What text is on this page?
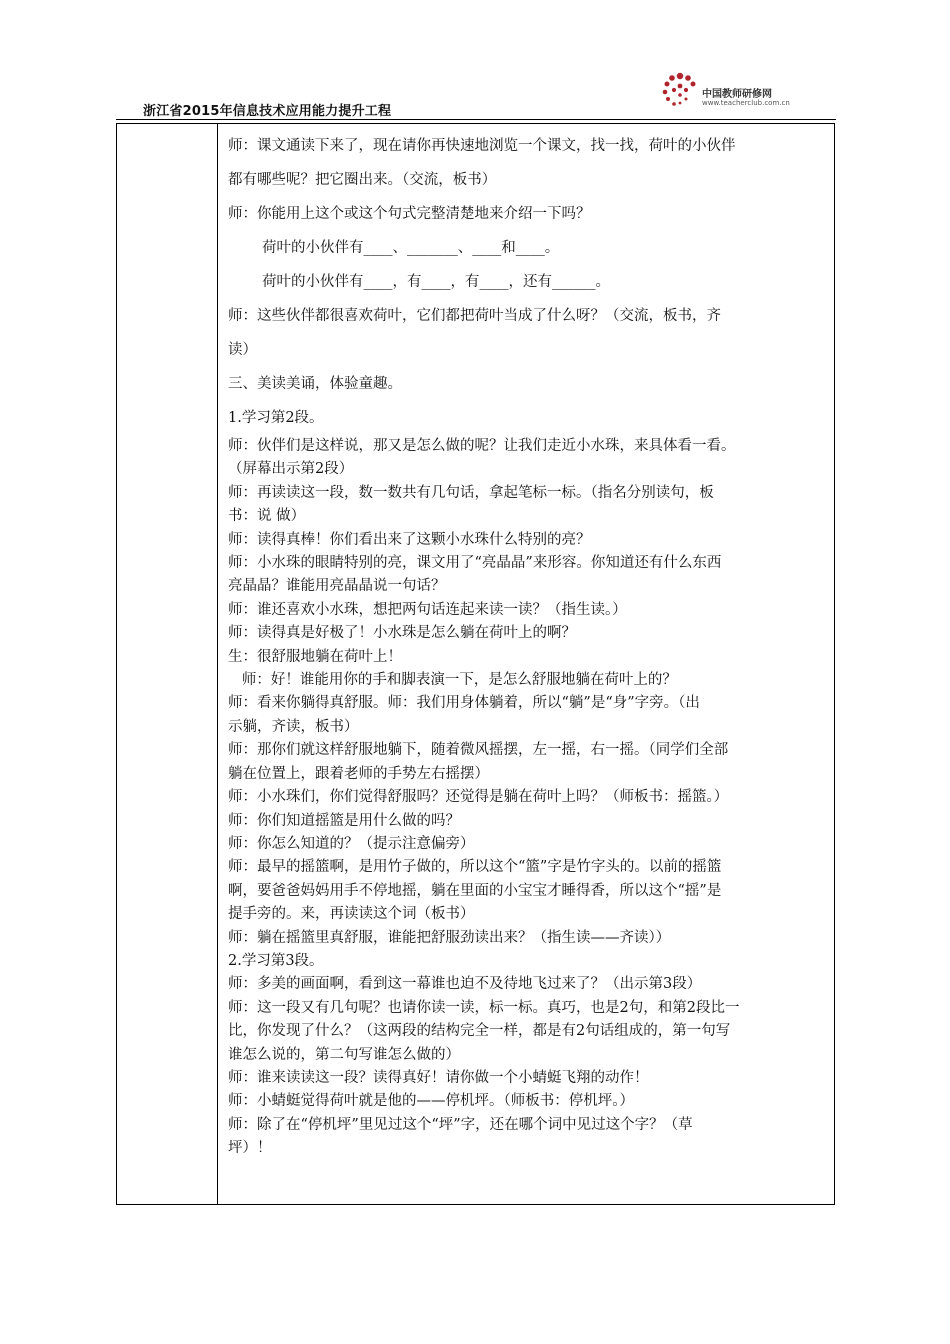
浙江省2015年信息技术应用能力提升工程
中国教师研修网
www.teacherclub.com.cn

师：课文通读下来了，现在请你再快速地浏览一个课文，找一找，荷叶的小伙伴

都有哪些呢？把它圈出来。（交流，板书）

师：你能用上这个或这个句式完整清楚地来介绍一下吗？

荷叶的小伙伴有____、_______、____和____。

荷叶的小伙伴有____，有____，有____，还有______。

师：这些伙伴都很喜欢荷叶，它们都把荷叶当成了什么呀？（交流，板书，齐

读）

三、美读美诵，体验童趣。

1.学习第2段。

师：伙伴们是这样说，那又是怎么做的呢？让我们走近小水珠，来具体看一看。

（屏幕出示第2段）

师：再读读这一段，数一数共有几句话，拿起笔标一标。（指名分别读句，板

书：说 做）

师：读得真棒！你们看出来了这颗小水珠什么特别的亮？

师：小水珠的眼睛特别的亮，课文用了“亮晶晶”来形容。你知道还有什么东西

亮晶晶？谁能用亮晶晶说一句话？

师：谁还喜欢小水珠，想把两句话连起来读一读？（指生读。）

师：读得真是好极了！小水珠是怎么躺在荷叶上的啊？

生：很舒服地躺在荷叶上！

师：好！谁能用你的手和脚表演一下，是怎么舒服地躺在荷叶上的？

师：看来你躺得真舒服。师：我们用身体躺着，所以“躺”是“身”字旁。（出

示躺，齐读，板书）

师：那你们就这样舒服地躺下，随着微风摇摆，左一摇，右一摇。（同学们全部

躺在位置上，跟着老师的手势左右摇摆）

师：小水珠们，你们觉得舒服吗？还觉得是躺在荷叶上吗？（师板书：摇篮。）

师：你们知道摇篮是用什么做的吗？

师：你怎么知道的？（提示注意偏旁）

师：最早的摇篮啊，是用竹子做的，所以这个“篮”字是竹字头的。以前的摇篮

啊，要爸爸妈妈用手不停地摇，躺在里面的小宝宝才睡得香，所以这个“摇”是

提手旁的。来，再读读这个词（板书）

师：躺在摇篮里真舒服，谁能把舒服劲读出来？（指生读——齐读））

2.学习第3段。

师：多美的画面啊，看到这一幕谁也迫不及待地飞过来了？（出示第3段）

师：这一段又有几句呢？也请你读一读，标一标。真巧，也是2句，和第2段比一

比，你发现了什么？（这两段的结构完全一样，都是有2句话组成的，第一句写

谁怎么说的，第二句写谁怎么做的）

师：谁来读读这一段？读得真好！请你做一个小蜻蜓飞翔的动作！

师：小蜻蜓觉得荷叶就是他的——停机坪。（师板书：停机坪。）

师：除了在“停机坪”里见过这个“坪”字，还在哪个词中见过这个字？（草

坪）！
